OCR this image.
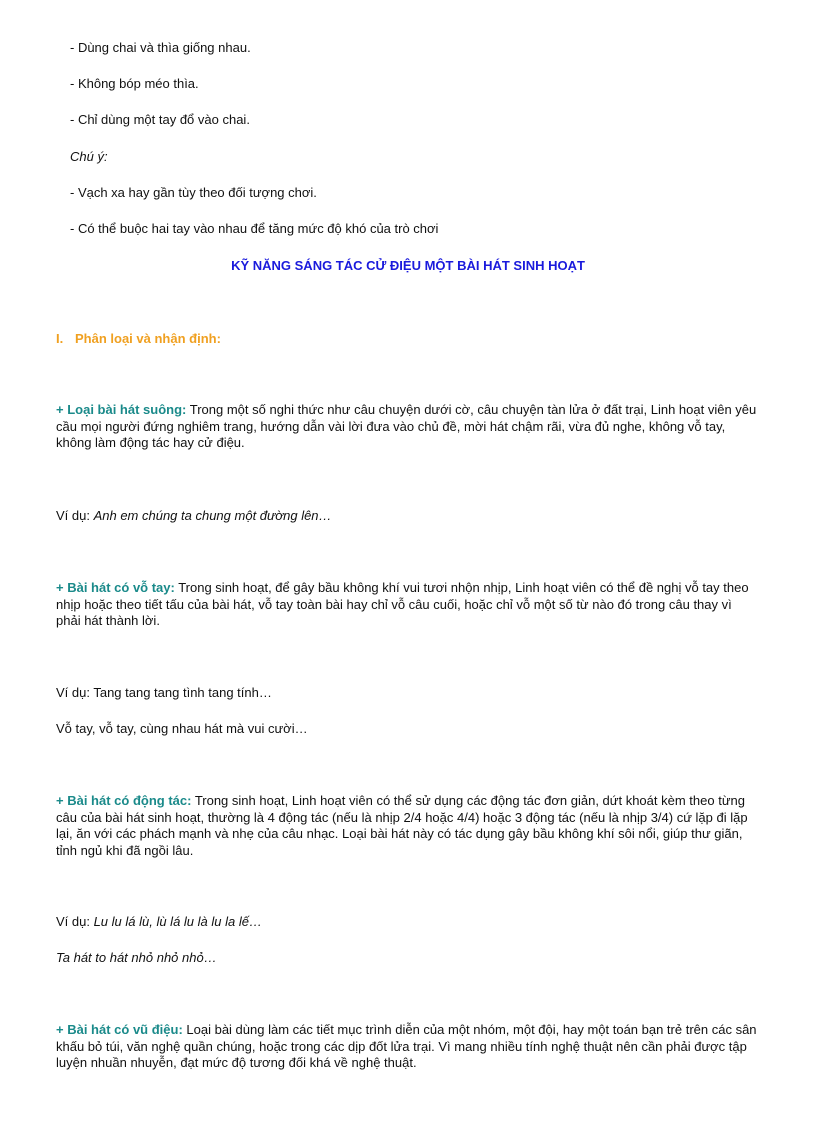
- Dùng chai và thìa giống nhau.
- Không bóp méo thìa.
- Chỉ dùng một tay đổ vào chai.
Chú ý:
- Vạch xa hay gần tùy theo đối tượng chơi.
- Có thể buộc hai tay vào nhau để tăng mức độ khó của trò chơi
KỸ NĂNG SÁNG TÁC CỬ ĐIỆU MỘT BÀI HÁT SINH HOẠT
I. Phân loại và nhận định:
+ Loại bài hát suông: Trong một số nghi thức như câu chuyện dưới cờ, câu chuyện tàn lửa ở đất trại, Linh hoạt viên yêu
cầu mọi người đứng nghiêm trang, hướng dẫn vài lời đưa vào chủ đề, mời hát chậm rãi, vừa đủ nghe, không vỗ tay,
không làm động tác hay cử điệu.
Ví dụ: Anh em chúng ta chung một đường lên…
+ Bài hát có vỗ tay: Trong sinh hoạt, để gây bầu không khí vui tươi nhộn nhịp, Linh hoạt viên có thể đề nghị vỗ tay theo
nhịp hoặc theo tiết tấu của bài hát, vỗ tay toàn bài hay chỉ vỗ câu cuối, hoặc chỉ vỗ một số từ nào đó trong câu thay vì
phải hát thành lời.
Ví dụ: Tang tang tang tình tang tính…
Vỗ tay, vỗ tay, cùng nhau hát mà vui cười…
+ Bài hát có động tác: Trong sinh hoạt, Linh hoạt viên có thể sử dụng các động tác đơn giản, dứt khoát kèm theo từng
câu của bài hát sinh hoạt, thường là 4 động tác (nếu là nhịp 2/4 hoặc 4/4) hoặc 3 động tác (nếu là nhịp 3/4) cứ lặp đi lặp
lại, ăn với các phách mạnh và nhẹ của câu nhạc. Loại bài hát này có tác dụng gây bầu không khí sôi nổi, giúp thư giãn,
tỉnh ngủ khi đã ngồi lâu.
Ví dụ: Lu lu lá lù, lù lá lu là lu la lế…
Ta hát to hát nhỏ nhỏ nhỏ…
+ Bài hát có vũ điệu: Loại bài dùng làm các tiết mục trình diễn của một nhóm, một đội, hay một toán bạn trẻ trên các sân
khấu bỏ túi, văn nghệ quần chúng, hoặc trong các dịp đốt lửa trại. Vì mang nhiều tính nghệ thuật nên cần phải được tập
luyện nhuần nhuyễn, đạt mức độ tương đối khá về nghệ thuật.
